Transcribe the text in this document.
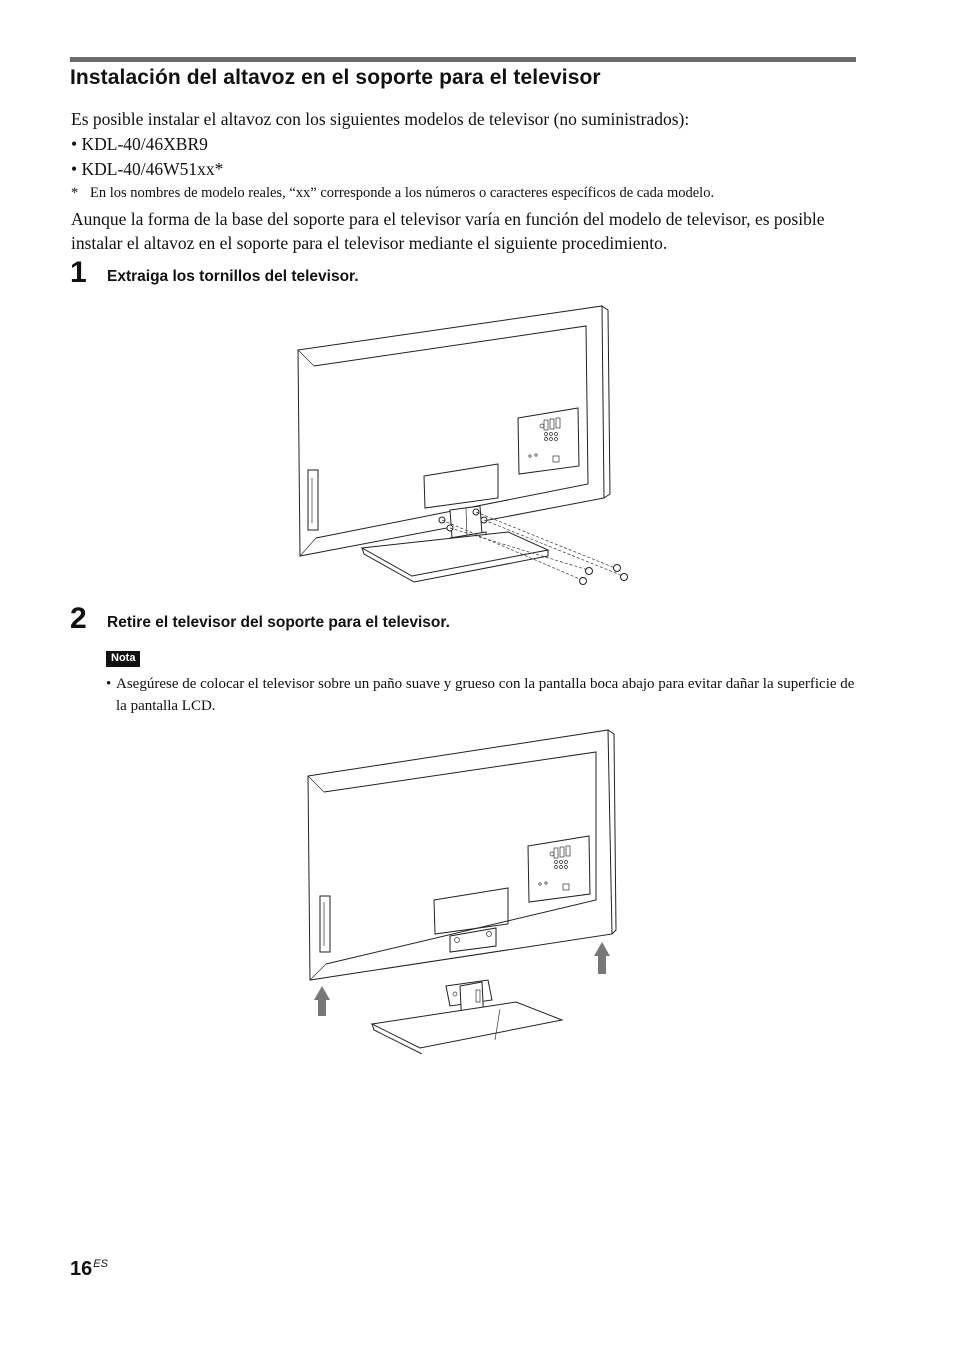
Instalación del altavoz en el soporte para el televisor
Es posible instalar el altavoz con los siguientes modelos de televisor (no suministrados):
• KDL-40/46XBR9
• KDL-40/46W51xx*
* En los nombres de modelo reales, “xx” corresponde a los números o caracteres específicos de cada modelo.
Aunque la forma de la base del soporte para el televisor varía en función del modelo de televisor, es posible instalar el altavoz en el soporte para el televisor mediante el siguiente procedimiento.
1 Extraiga los tornillos del televisor.
2 Retire el televisor del soporte para el televisor.
Nota
• Asegúrese de colocar el televisor sobre un paño suave y grueso con la pantalla boca abajo para evitar dañar la superficie de la pantalla LCD.
$16^{ES}$
